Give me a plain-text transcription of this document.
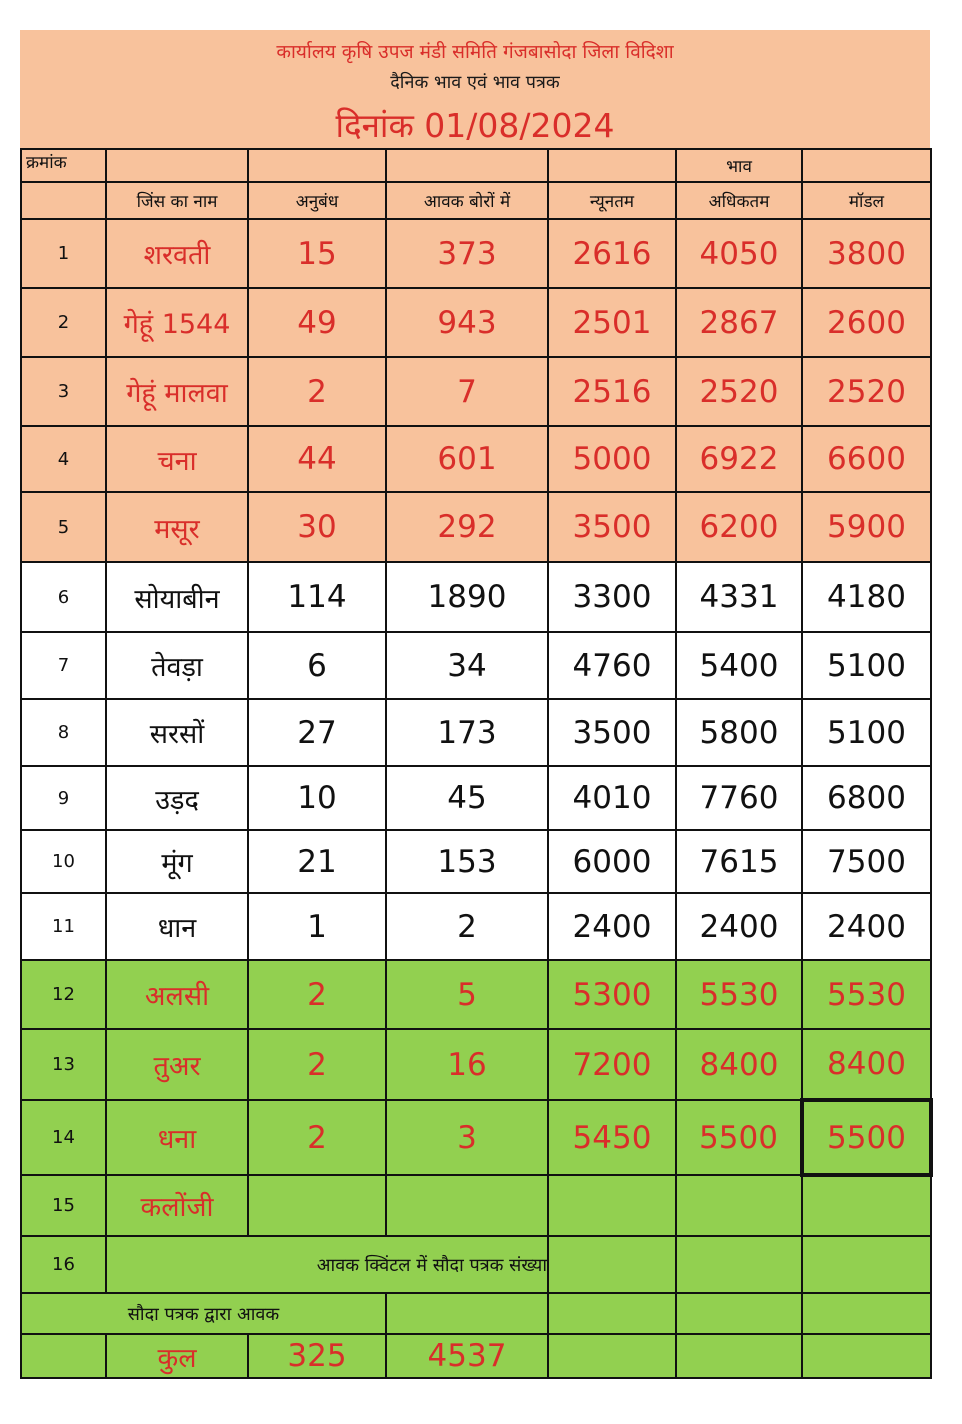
कार्यालय कृषि उपज मंडी समिति गंजबासोदा जिला विदिशा
दैनिक भाव एवं भाव पत्रक
दिनांक 01/08/2024
क्रमांक					भाव	
	जिंस का नाम	अनुबंध	आवक बोरों में	न्यूनतम	अधिकतम	मॉडल
1	शरवती	15	373	2616	4050	3800
2	गेहूं 1544	49	943	2501	2867	2600
3	गेहूं मालवा	2	7	2516	2520	2520
4	चना	44	601	5000	6922	6600
5	मसूर	30	292	3500	6200	5900
6	सोयाबीन	114	1890	3300	4331	4180
7	तेवड़ा	6	34	4760	5400	5100
8	सरसों	27	173	3500	5800	5100
9	उड़द	10	45	4010	7760	6800
10	मूंग	21	153	6000	7615	7500
11	धान	1	2	2400	2400	2400
12	अलसी	2	5	5300	5530	5530
13	तुअर	2	16	7200	8400	8400
14	धना	2	3	5450	5500	5500
15	कलोंजी					
16	आवक क्विंटल में सौदा पत्रक संख्या					
सौदा पत्रक द्वारा आवक						
	कुल	325	4537			
